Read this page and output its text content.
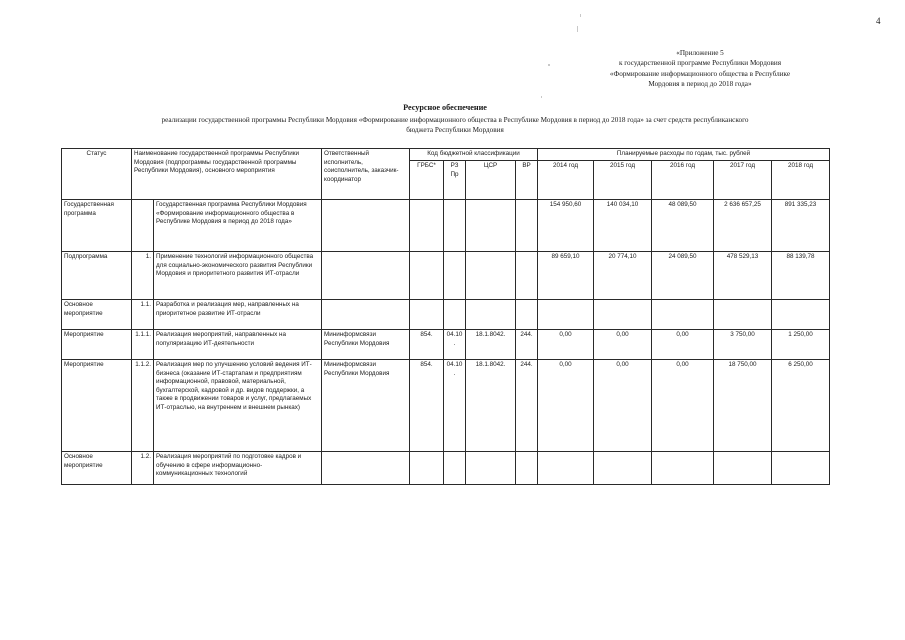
4
«Приложение 5
к государственной программе Республики Мордовия
«Формирование информационного общества в Республике
Мордовия в период до 2018 года»
Ресурсное обеспечение
реализации государственной программы Республики Мордовия «Формирование информационного общества в Республике Мордовия в период до 2018 года» за счет средств республиканского
бюджета Республики Мордовия
Статус	Наименование государственной программы Республики Мордовия (подпрограммы государственной программы Республики Мордовия), основного мероприятия		Ответственный исполнитель, соисполнитель, заказчик-координатор	Код бюджетной классификации				Планируемые расходы по годам, тыс. рублей				
				ГРБС*	РЗ Пр	ЦСР	ВР	2014 год	2015 год	2016 год	2017 год	2018 год
Государственная программа		Государственная программа Республики Мордовия «Формирование информационного общества в Республике Мордовия в период до 2018 года»						154 950,60	140 034,10	48 089,50	2 636 657,25	891 335,23
Подпрограмма	1.	Применение технологий информационного общества для социально-экономического развития Республики Мордовия и приоритетного развития ИТ-отрасли						89 659,10	20 774,10	24 089,50	478 529,13	88 139,78
Основное мероприятие	1.1.	Разработка и реализация мер, направленных на приоритетное развитие ИТ-отрасли										
Мероприятие	1.1.1.	Реализация мероприятий, направленных на популяризацию ИТ-деятельности	Мининформсвязи Республики Мордовия	854.	04.10.	18.1.8042.	244.	0,00	0,00	0,00	3 750,00	1 250,00
Мероприятие	1.1.2.	Реализация мер по улучшению условий ведения ИТ-бизнеса (оказание ИТ-стартапам и предприятиям информационной, правовой, материальной, бухгалтерской, кадровой и др. видов поддержки, а также в продвижении товаров и услуг, предлагаемых ИТ-отраслью, на внутреннем и внешнем рынках)	Мининформсвязи Республики Мордовия	854.	04.10.	18.1.8042.	244.	0,00	0,00	0,00	18 750,00	6 250,00
Основное мероприятие	1.2.	Реализация мероприятий по подготовке кадров и обучению в сфере информационно-коммуникационных технологий										
